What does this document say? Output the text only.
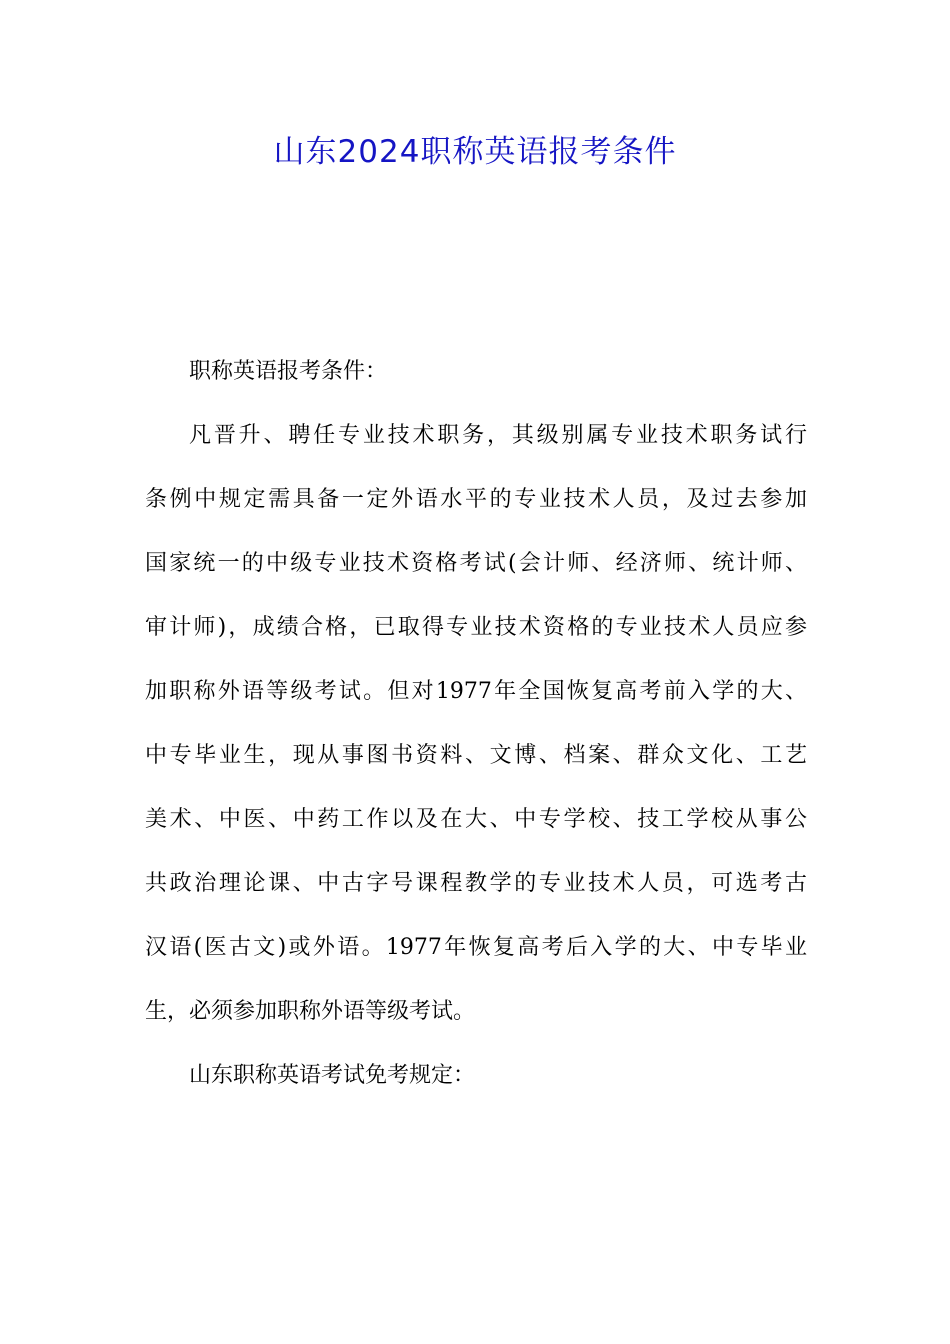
山东2024职称英语报考条件
职称英语报考条件：
凡晋升、聘任专业技术职务，其级别属专业技术职务试行
条例中规定需具备一定外语水平的专业技术人员，及过去参加
国家统一的中级专业技术资格考试(会计师、经济师、统计师、
审计师)，成绩合格，已取得专业技术资格的专业技术人员应参
加职称外语等级考试。但对1977年全国恢复高考前入学的大、
中专毕业生，现从事图书资料、文博、档案、群众文化、工艺
美术、中医、中药工作以及在大、中专学校、技工学校从事公
共政治理论课、中古字号课程教学的专业技术人员，可选考古
汉语(医古文)或外语。1977年恢复高考后入学的大、中专毕业
生，必须参加职称外语等级考试。
山东职称英语考试免考规定：
